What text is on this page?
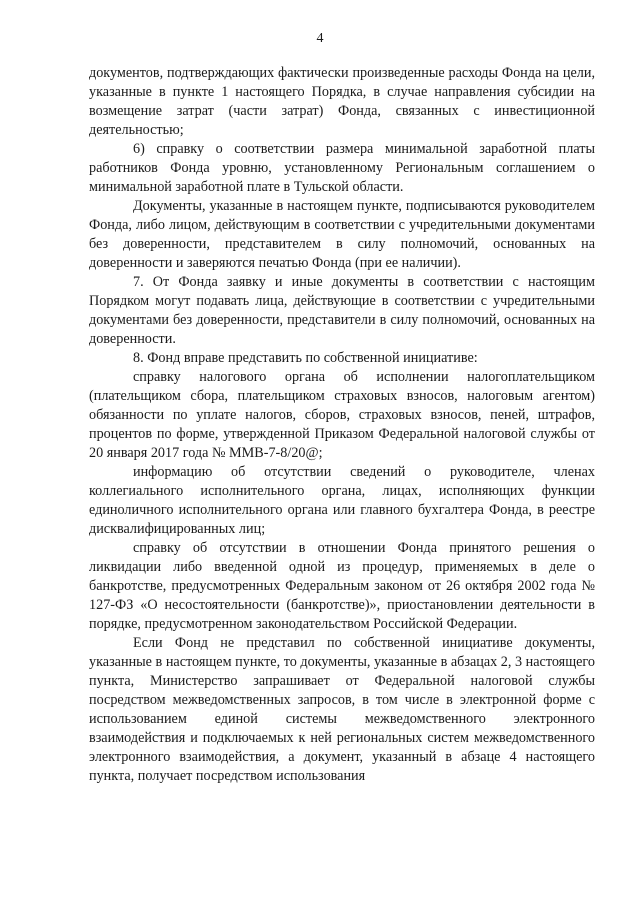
4

документов, подтверждающих фактически произведенные расходы Фонда на цели, указанные в пункте 1 настоящего Порядка, в случае направления субсидии на возмещение затрат (части затрат) Фонда, связанных с инвестиционной деятельностью;

6) справку о соответствии размера минимальной заработной платы работников Фонда уровню, установленному Региональным соглашением о минимальной заработной плате в Тульской области.

Документы, указанные в настоящем пункте, подписываются руководителем Фонда, либо лицом, действующим в соответствии с учредительными документами без доверенности, представителем в силу полномочий, основанных на доверенности и заверяются печатью Фонда (при ее наличии).

7. От Фонда заявку и иные документы в соответствии с настоящим Порядком могут подавать лица, действующие в соответствии с учредительными документами без доверенности, представители в силу полномочий, основанных на доверенности.

8. Фонд вправе представить по собственной инициативе:

справку налогового органа об исполнении налогоплательщиком (плательщиком сбора, плательщиком страховых взносов, налоговым агентом) обязанности по уплате налогов, сборов, страховых взносов, пеней, штрафов, процентов по форме, утвержденной Приказом Федеральной налоговой службы от 20 января 2017 года № ММВ-7-8/20@;

информацию об отсутствии сведений о руководителе, членах коллегиального исполнительного органа, лицах, исполняющих функции единоличного исполнительного органа или главного бухгалтера Фонда, в реестре дисквалифицированных лиц;

справку об отсутствии в отношении Фонда принятого решения о ликвидации либо введенной одной из процедур, применяемых в деле о банкротстве, предусмотренных Федеральным законом от 26 октября 2002 года № 127-ФЗ «О несостоятельности (банкротстве)», приостановлении деятельности в порядке, предусмотренном законодательством Российской Федерации.

Если Фонд не представил по собственной инициативе документы, указанные в настоящем пункте, то документы, указанные в абзацах 2, 3 настоящего пункта, Министерство запрашивает от Федеральной налоговой службы посредством межведомственных запросов, в том числе в электронной форме с использованием единой системы межведомственного электронного взаимодействия и подключаемых к ней региональных систем межведомственного электронного взаимодействия, а документ, указанный в абзаце 4 настоящего пункта, получает посредством использования
